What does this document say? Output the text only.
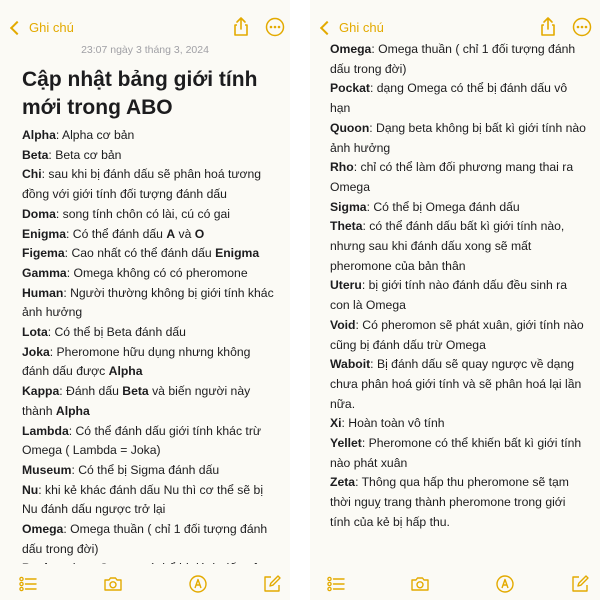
Ghi chú
23:07 ngày 3 tháng 3, 2024
Cập nhật bảng giới tính mới trong ABO

Alpha: Alpha cơ bản

Beta: Beta cơ bản

Chi: sau khi bị đánh dấu sẽ phân hoá tương đồng với giới tính đối tượng đánh dấu

Doma: song tính chôn có lài, cú có gai

Enigma: Có thể đánh dấu A và O

Figema: Cao nhất có thể đánh dấu Enigma

Gamma: Omega không có có pheromone

Human: Người thường không bị giới tính khác ảnh hưởng

Lota: Có thể bị Beta đánh dấu

Joka: Pheromone hữu dụng nhưng không đánh dấu được Alpha

Kappa: Đánh dấu Beta và biến người này thành Alpha

Lambda: Có thể đánh dấu giới tính khác trừ Omega ( Lambda = Joka)

Museum: Có thể bị Sigma đánh dấu

Nu: khi kẻ khác đánh dấu Nu thì cơ thể sẽ bị Nu đánh dấu ngược trở lại

Omega: Omega thuần ( chỉ 1 đối tượng đánh dấu trong đời)

Ghi chú

Omega: Omega thuần ( chỉ 1 đối tượng đánh dấu trong đời)

Pockat: dạng Omega có thể bị đánh dấu vô hạn

Quoon: Dạng beta không bị bất kì giới tính nào ảnh hưởng

Rho: chỉ có thể làm đối phương mang thai ra Omega

Sigma: Có thể bị Omega đánh dấu

Theta: có thể đánh dấu bất kì giới tính nào, nhưng sau khi đánh dấu xong sẽ mất pheromone của bản thân

Uteru: bị giới tính nào đánh dấu đều sinh ra con là Omega

Void: Có pheromon sẽ phát xuân, giới tính nào cũng bị đánh dấu trừ Omega

Waboit: Bị đánh dấu sẽ quay ngược về dạng chưa phân hoá giới tính và sẽ phân hoá lại lần nữa.

Xi: Hoàn toàn vô tính

Yellet: Pheromone có thể khiến bất kì giới tính nào phát xuân

Zeta: Thông qua hấp thu pheromone sẽ tạm thời nguỵ trang thành pheromone trong giới tính của kẻ bị hấp thu.
